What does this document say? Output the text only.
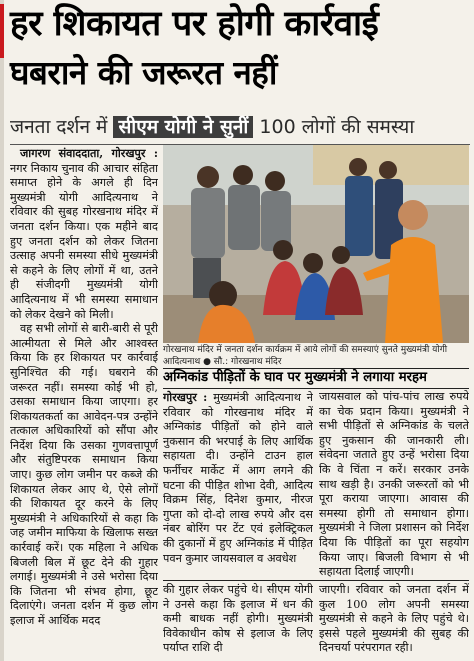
हर शिकायत पर होगी कार्रवाई
घबराने की जरूरत नहीं
जनता दर्शन में सीएम योगी ने सुनीं 100 लोगों की समस्या

जागरण संवाददाता, गोरखपुर : नगर निकाय चुनाव की आचार संहिता समाप्त होने के अगले ही दिन मुख्यमंत्री योगी आदित्यनाथ ने रविवार की सुबह गोरखनाथ मंदिर में जनता दर्शन किया। एक महीने बाद हुए जनता दर्शन को लेकर जितना उत्साह अपनी समस्या सीधे मुख्यमंत्री से कहने के लिए लोगों में था, उतने ही संजीदगी मुख्यमंत्री योगी आदित्यनाथ में भी समस्या समाधान को लेकर देखने को मिली।

वह सभी लोगों से बारी-बारी से पूरी आत्मीयता से मिले और आश्वस्त किया कि हर शिकायत पर कार्रवाई सुनिश्चित की गई। घबराने की जरूरत नहीं। समस्या कोई भी हो, उसका समाधान किया जाएगा। हर शिकायतकर्ता का आवेदन-पत्र उन्होंने तत्काल अधिकारियों को सौंपा और निर्देश दिया कि उसका गुणवत्तापूर्ण और संतुष्टिपरक समाधान किया जाए। कुछ लोग जमीन पर कब्जे की शिकायत लेकर आए थे, ऐसे लोगों की शिकायत दूर करने के लिए मुख्यमंत्री ने अधिकारियों से कहा कि जह जमीन माफिया के खिलाफ सख्त कार्रवाई करें। एक महिला ने अधिक बिजली बिल में छूट देने की गुहार लगाई। मुख्यमंत्री ने उसे भरोसा दिया कि जितना भी संभव होगा, छूट दिलाएंगे। जनता दर्शन में कुछ लोग इलाज में आर्थिक मदद

गोरखनाथ मंदिर में जनता दर्शन कार्यक्रम में आये लोगों की समस्याएं सुनते मुख्यमंत्री योगी आदित्यनाथ ● सौ.: गोरखनाथ मंदिर
अग्निकांड पीड़ितों के घाव पर मुख्यमंत्री ने लगाया मरहम

गोरखपुर : मुख्यमंत्री आदित्यनाथ ने रविवार को गोरखनाथ मंदिर में अग्निकांड पीड़ितों को होने वाले नुकसान की भरपाई के लिए आर्थिक सहायता दी। उन्होंने टाउन हाल फर्नीचर मार्केट में आग लगने की घटना की पीड़ित शोभा देवी, आदित्य विक्रम सिंह, दिनेश कुमार, नीरज गुप्ता को दो-दो लाख रुपये और दस नंबर बोरिंग पर टेंट एवं इलेक्ट्रिकल की दुकानों में हुए अग्निकांड में पीड़ित पवन कुमार जायसवाल व अवधेश

जायसवाल को पांच-पांच लाख रुपये का चेक प्रदान किया। मुख्यमंत्री ने सभी पीड़ितों से अग्निकांड के चलते हुए नुकसान की जानकारी ली। संवेदना जताते हुए उन्हें भरोसा दिया कि वे चिंता न करें। सरकार उनके साथ खड़ी है। उनकी जरूरतों को भी पूरा कराया जाएगा। आवास की समस्या होगी तो समाधान होगा। मुख्यमंत्री ने जिला प्रशासन को निर्देश दिया कि पीड़ितों का पूरा सहयोग किया जाए। बिजली विभाग से भी सहायता दिलाई जाएगी।

की गुहार लेकर पहुंचे थे। सीएम योगी ने उनसे कहा कि इलाज में धन की कमी बाधक नहीं होगी। मुख्यमंत्री विवेकाधीन कोष से इलाज के लिए पर्याप्त राशि दी

जाएगी। रविवार को जनता दर्शन में कुल 100 लोग अपनी समस्या मुख्यमंत्री से कहने के लिए पहुंचे थे। इससे पहले मुख्यमंत्री की सुबह की दिनचर्या परंपरागत रही।
